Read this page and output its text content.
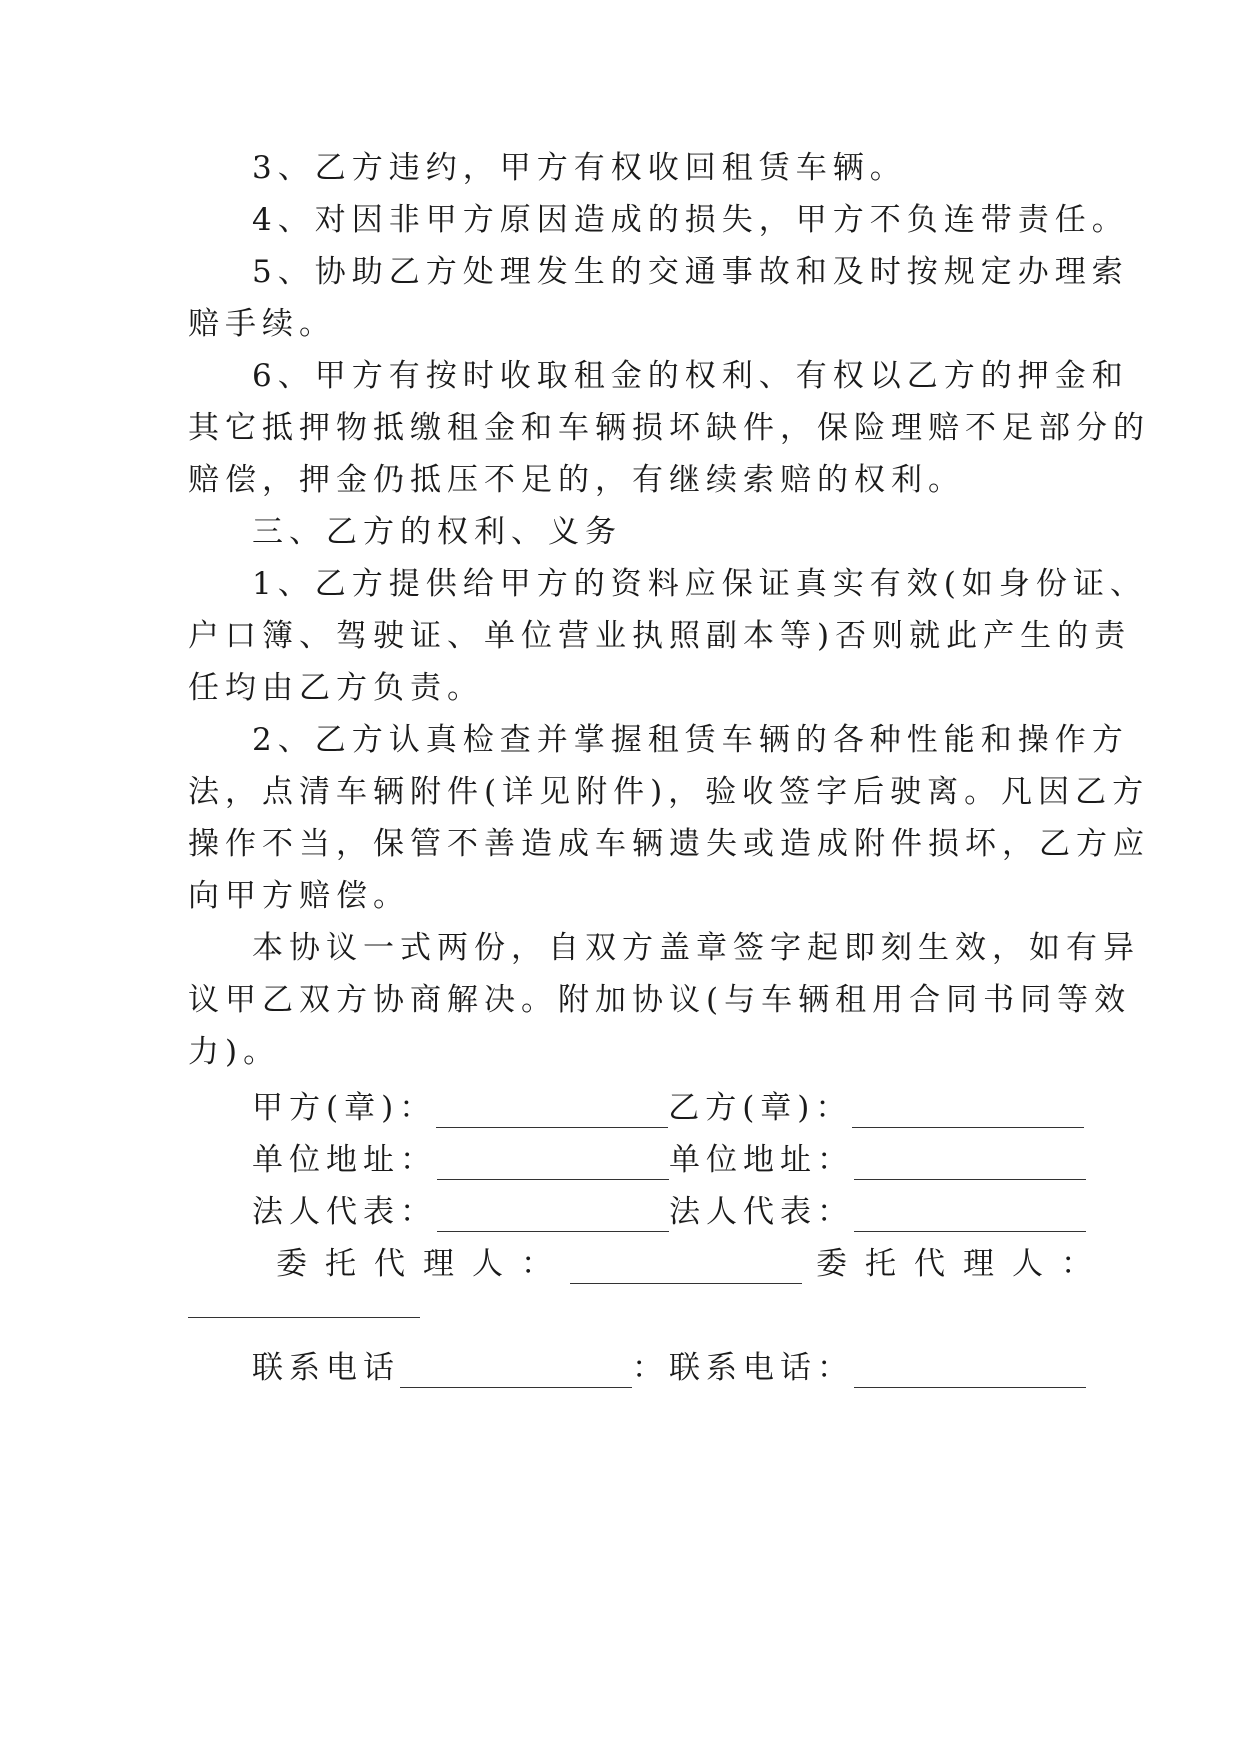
3、乙方违约，甲方有权收回租赁车辆。
4、对因非甲方原因造成的损失，甲方不负连带责任。
5、协助乙方处理发生的交通事故和及时按规定办理索
赔手续。
6、甲方有按时收取租金的权利、有权以乙方的押金和
其它抵押物抵缴租金和车辆损坏缺件，保险理赔不足部分的
赔偿，押金仍抵压不足的，有继续索赔的权利。
三、乙方的权利、义务
1、乙方提供给甲方的资料应保证真实有效(如身份证、
户口簿、驾驶证、单位营业执照副本等)否则就此产生的责
任均由乙方负责。
2、乙方认真检查并掌握租赁车辆的各种性能和操作方
法，点清车辆附件(详见附件)，验收签字后驶离。凡因乙方
操作不当，保管不善造成车辆遗失或造成附件损坏，乙方应
向甲方赔偿。
本协议一式两份，自双方盖章签字起即刻生效，如有异
议甲乙双方协商解决。附加协议(与车辆租用合同书同等效
力)。
甲方(章)：	乙方(章)：
单位地址：	单位地址：
法人代表：	法人代表：
委托代理人：	委托代理人：
联系电话	：联系电话：
